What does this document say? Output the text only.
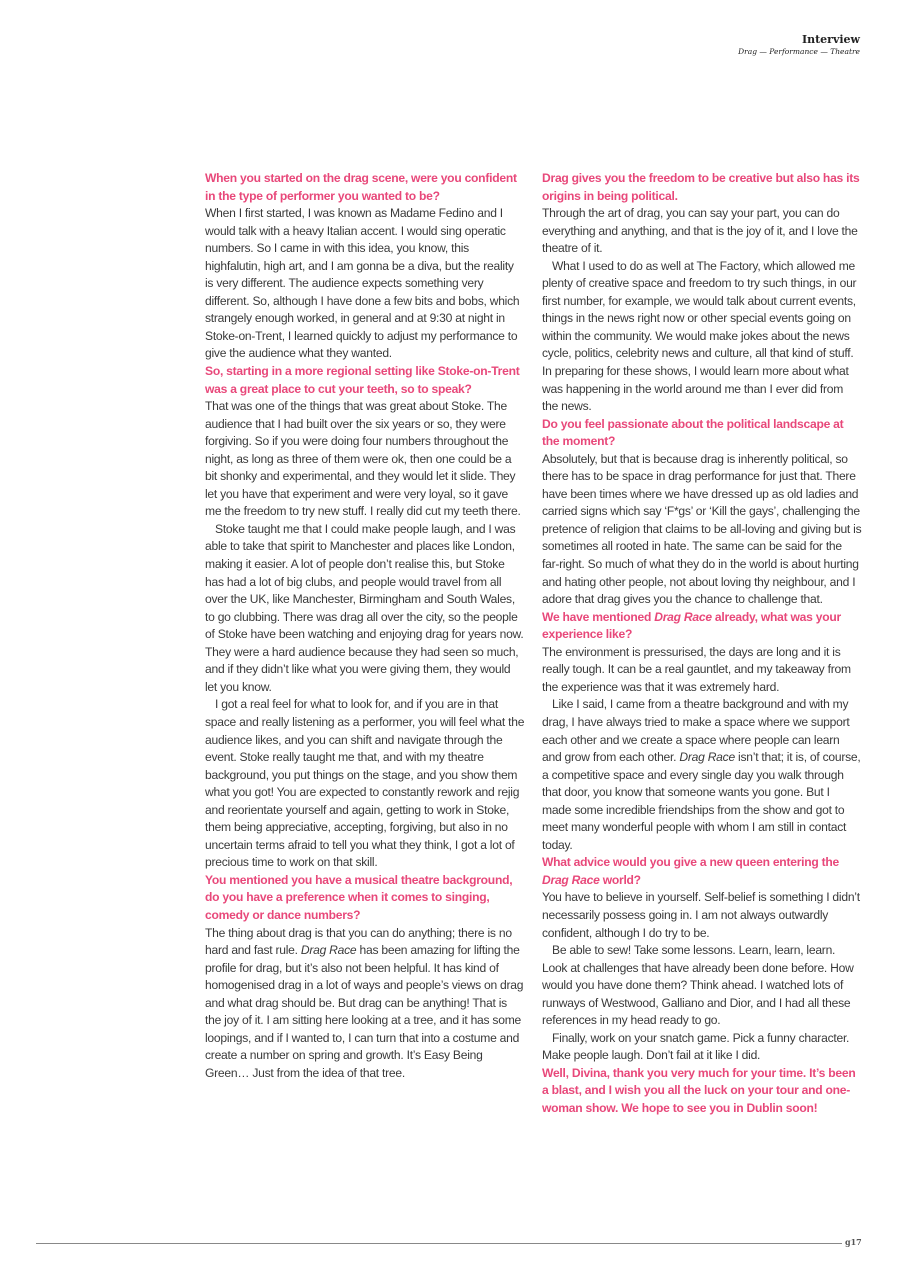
Interview
Drag — Performance — Theatre
When you started on the drag scene, were you confident in the type of performer you wanted to be?
When I first started, I was known as Madame Fedino and I would talk with a heavy Italian accent. I would sing operatic numbers. So I came in with this idea, you know, this highfalutin, high art, and I am gonna be a diva, but the reality is very different. The audience expects something very different. So, although I have done a few bits and bobs, which strangely enough worked, in general and at 9:30 at night in Stoke-on-Trent, I learned quickly to adjust my performance to give the audience what they wanted.
So, starting in a more regional setting like Stoke-on-Trent was a great place to cut your teeth, so to speak?
That was one of the things that was great about Stoke. The audience that I had built over the six years or so, they were forgiving. So if you were doing four numbers throughout the night, as long as three of them were ok, then one could be a bit shonky and experimental, and they would let it slide. They let you have that experiment and were very loyal, so it gave me the freedom to try new stuff. I really did cut my teeth there.
Stoke taught me that I could make people laugh, and I was able to take that spirit to Manchester and places like London, making it easier. A lot of people don’t realise this, but Stoke has had a lot of big clubs, and people would travel from all over the UK, like Manchester, Birmingham and South Wales, to go clubbing. There was drag all over the city, so the people of Stoke have been watching and enjoying drag for years now. They were a hard audience because they had seen so much, and if they didn’t like what you were giving them, they would let you know.
I got a real feel for what to look for, and if you are in that space and really listening as a performer, you will feel what the audience likes, and you can shift and navigate through the event. Stoke really taught me that, and with my theatre background, you put things on the stage, and you show them what you got! You are expected to constantly rework and rejig and reorientate yourself and again, getting to work in Stoke, them being appreciative, accepting, forgiving, but also in no uncertain terms afraid to tell you what they think, I got a lot of precious time to work on that skill.
You mentioned you have a musical theatre background, do you have a preference when it comes to singing, comedy or dance numbers?
The thing about drag is that you can do anything; there is no hard and fast rule. Drag Race has been amazing for lifting the profile for drag, but it’s also not been helpful. It has kind of homogenised drag in a lot of ways and people’s views on drag and what drag should be. But drag can be anything! That is the joy of it. I am sitting here looking at a tree, and it has some loopings, and if I wanted to, I can turn that into a costume and create a number on spring and growth. It’s Easy Being Green… Just from the idea of that tree.
Drag gives you the freedom to be creative but also has its origins in being political.
Through the art of drag, you can say your part, you can do everything and anything, and that is the joy of it, and I love the theatre of it.
What I used to do as well at The Factory, which allowed me plenty of creative space and freedom to try such things, in our first number, for example, we would talk about current events, things in the news right now or other special events going on within the community. We would make jokes about the news cycle, politics, celebrity news and culture, all that kind of stuff. In preparing for these shows, I would learn more about what was happening in the world around me than I ever did from the news.
Do you feel passionate about the political landscape at the moment?
Absolutely, but that is because drag is inherently political, so there has to be space in drag performance for just that. There have been times where we have dressed up as old ladies and carried signs which say ‘F*gs’ or ‘Kill the gays’, challenging the pretence of religion that claims to be all-loving and giving but is sometimes all rooted in hate. The same can be said for the far-right. So much of what they do in the world is about hurting and hating other people, not about loving thy neighbour, and I adore that drag gives you the chance to challenge that.
We have mentioned Drag Race already, what was your experience like?
The environment is pressurised, the days are long and it is really tough. It can be a real gauntlet, and my takeaway from the experience was that it was extremely hard.
Like I said, I came from a theatre background and with my drag, I have always tried to make a space where we support each other and we create a space where people can learn and grow from each other. Drag Race isn’t that; it is, of course, a competitive space and every single day you walk through that door, you know that someone wants you gone. But I made some incredible friendships from the show and got to meet many wonderful people with whom I am still in contact today.
What advice would you give a new queen entering the Drag Race world?
You have to believe in yourself. Self-belief is something I didn’t necessarily possess going in. I am not always outwardly confident, although I do try to be.
Be able to sew! Take some lessons. Learn, learn, learn. Look at challenges that have already been done before. How would you have done them? Think ahead. I watched lots of runways of Westwood, Galliano and Dior, and I had all these references in my head ready to go.
Finally, work on your snatch game. Pick a funny character. Make people laugh. Don’t fail at it like I did.
Well, Divina, thank you very much for your time. It’s been a blast, and I wish you all the luck on your tour and one-woman show. We hope to see you in Dublin soon!
g17
